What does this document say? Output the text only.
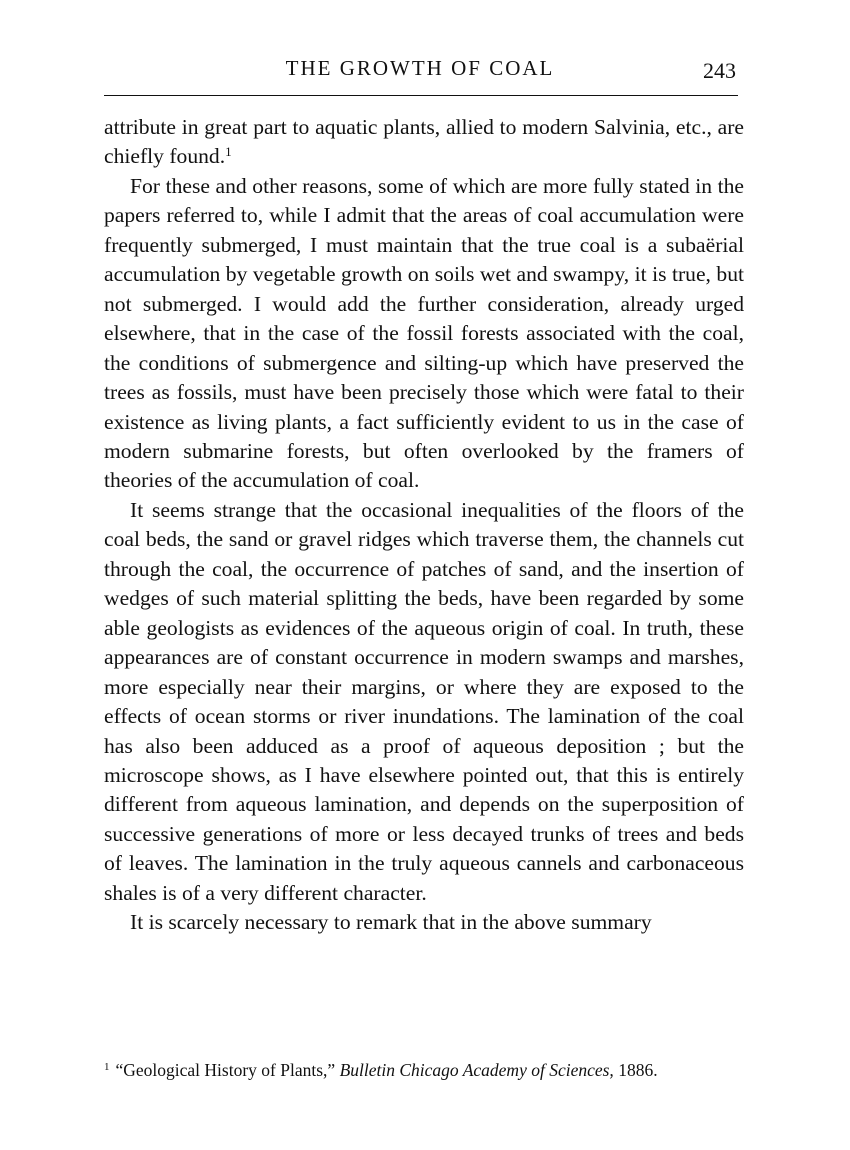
THE GROWTH OF COAL	243

attribute in great part to aquatic plants, allied to modern Salvinia, etc., are chiefly found.$^1$

For these and other reasons, some of which are more fully stated in the papers referred to, while I admit that the areas of coal accumulation were frequently submerged, I must maintain that the true coal is a subaërial accumulation by vegetable growth on soils wet and swampy, it is true, but not submerged. I would add the further consideration, already urged elsewhere, that in the case of the fossil forests associated with the coal, the conditions of submergence and silting-up which have preserved the trees as fossils, must have been precisely those which were fatal to their existence as living plants, a fact sufficiently evident to us in the case of modern submarine forests, but often overlooked by the framers of theories of the accumulation of coal.

It seems strange that the occasional inequalities of the floors of the coal beds, the sand or gravel ridges which traverse them, the channels cut through the coal, the occurrence of patches of sand, and the insertion of wedges of such material splitting the beds, have been regarded by some able geologists as evidences of the aqueous origin of coal. In truth, these appearances are of constant occurrence in modern swamps and marshes, more especially near their margins, or where they are exposed to the effects of ocean storms or river inundations. The lamination of the coal has also been adduced as a proof of aqueous deposition ; but the microscope shows, as I have elsewhere pointed out, that this is entirely different from aqueous lamination, and depends on the superposition of successive generations of more or less decayed trunks of trees and beds of leaves. The lamination in the truly aqueous cannels and carbonaceous shales is of a very different character.

It is scarcely necessary to remark that in the above summary

$^1$ “Geological History of Plants,” Bulletin Chicago Academy of Sciences, 1886.
